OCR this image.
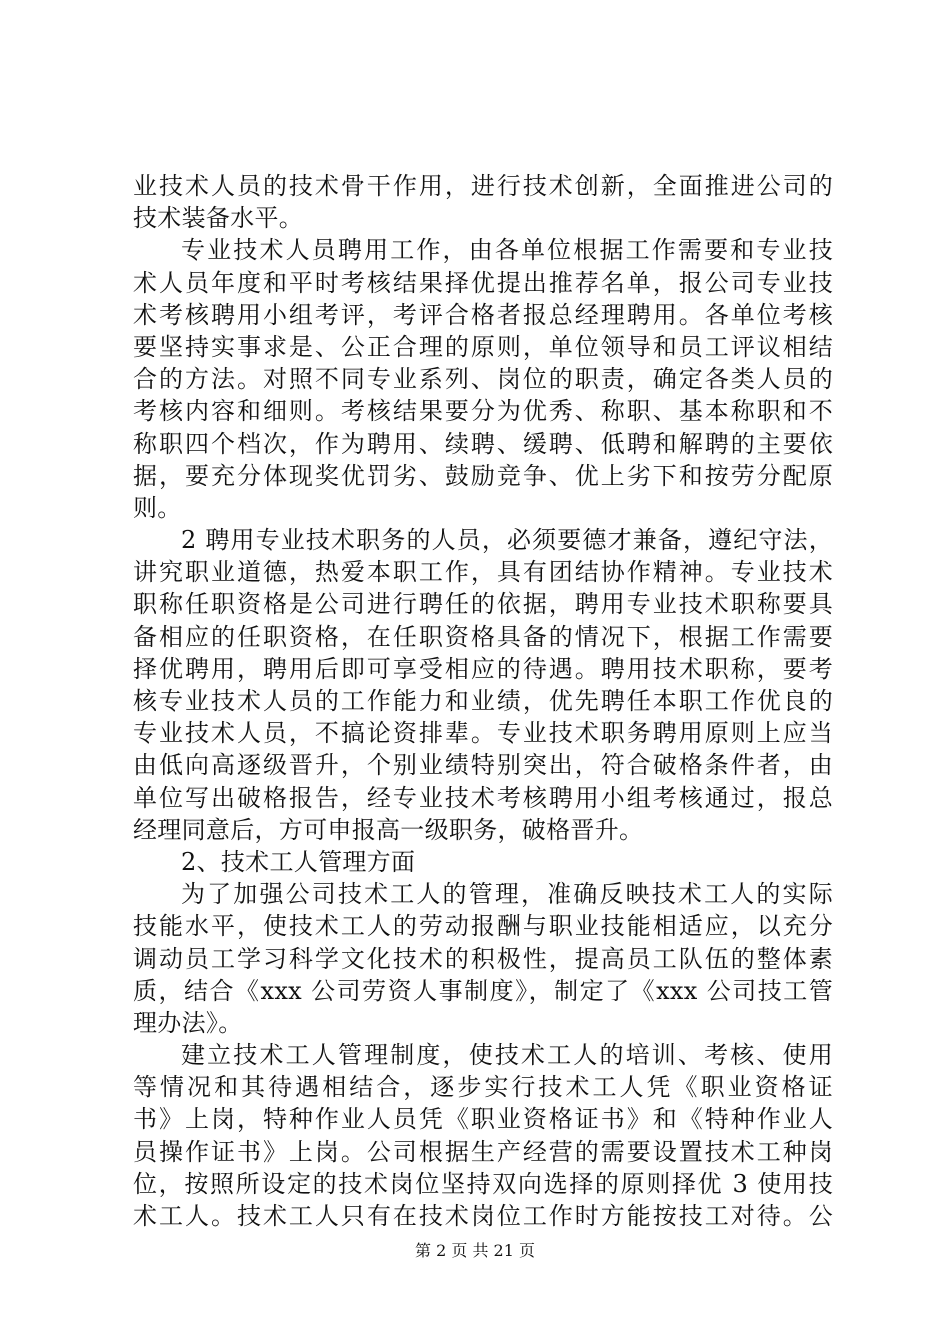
业技术人员的技术骨干作用，进行技术创新，全面推进公司的
技术装备水平。
专业技术人员聘用工作，由各单位根据工作需要和专业技
术人员年度和平时考核结果择优提出推荐名单，报公司专业技
术考核聘用小组考评，考评合格者报总经理聘用。各单位考核
要坚持实事求是、公正合理的原则，单位领导和员工评议相结
合的方法。对照不同专业系列、岗位的职责，确定各类人员的
考核内容和细则。考核结果要分为优秀、称职、基本称职和不
称职四个档次，作为聘用、续聘、缓聘、低聘和解聘的主要依
据，要充分体现奖优罚劣、鼓励竞争、优上劣下和按劳分配原
则。
2 聘用专业技术职务的人员，必须要德才兼备，遵纪守法，
讲究职业道德，热爱本职工作，具有团结协作精神。专业技术
职称任职资格是公司进行聘任的依据，聘用专业技术职称要具
备相应的任职资格，在任职资格具备的情况下，根据工作需要
择优聘用，聘用后即可享受相应的待遇。聘用技术职称，要考
核专业技术人员的工作能力和业绩，优先聘任本职工作优良的
专业技术人员，不搞论资排辈。专业技术职务聘用原则上应当
由低向高逐级晋升，个别业绩特别突出，符合破格条件者，由
单位写出破格报告，经专业技术考核聘用小组考核通过，报总
经理同意后，方可申报高一级职务，破格晋升。
2、技术工人管理方面
为了加强公司技术工人的管理，准确反映技术工人的实际
技能水平，使技术工人的劳动报酬与职业技能相适应，以充分
调动员工学习科学文化技术的积极性，提高员工队伍的整体素
质，结合《xxx 公司劳资人事制度》，制定了《xxx 公司技工管
理办法》。
建立技术工人管理制度，使技术工人的培训、考核、使用
等情况和其待遇相结合，逐步实行技术工人凭《职业资格证
书》上岗，特种作业人员凭《职业资格证书》和《特种作业人
员操作证书》上岗。公司根据生产经营的需要设置技术工种岗
位，按照所设定的技术岗位坚持双向选择的原则择优 3 使用技
术工人。技术工人只有在技术岗位工作时方能按技工对待。公
第 2 页 共 21 页
